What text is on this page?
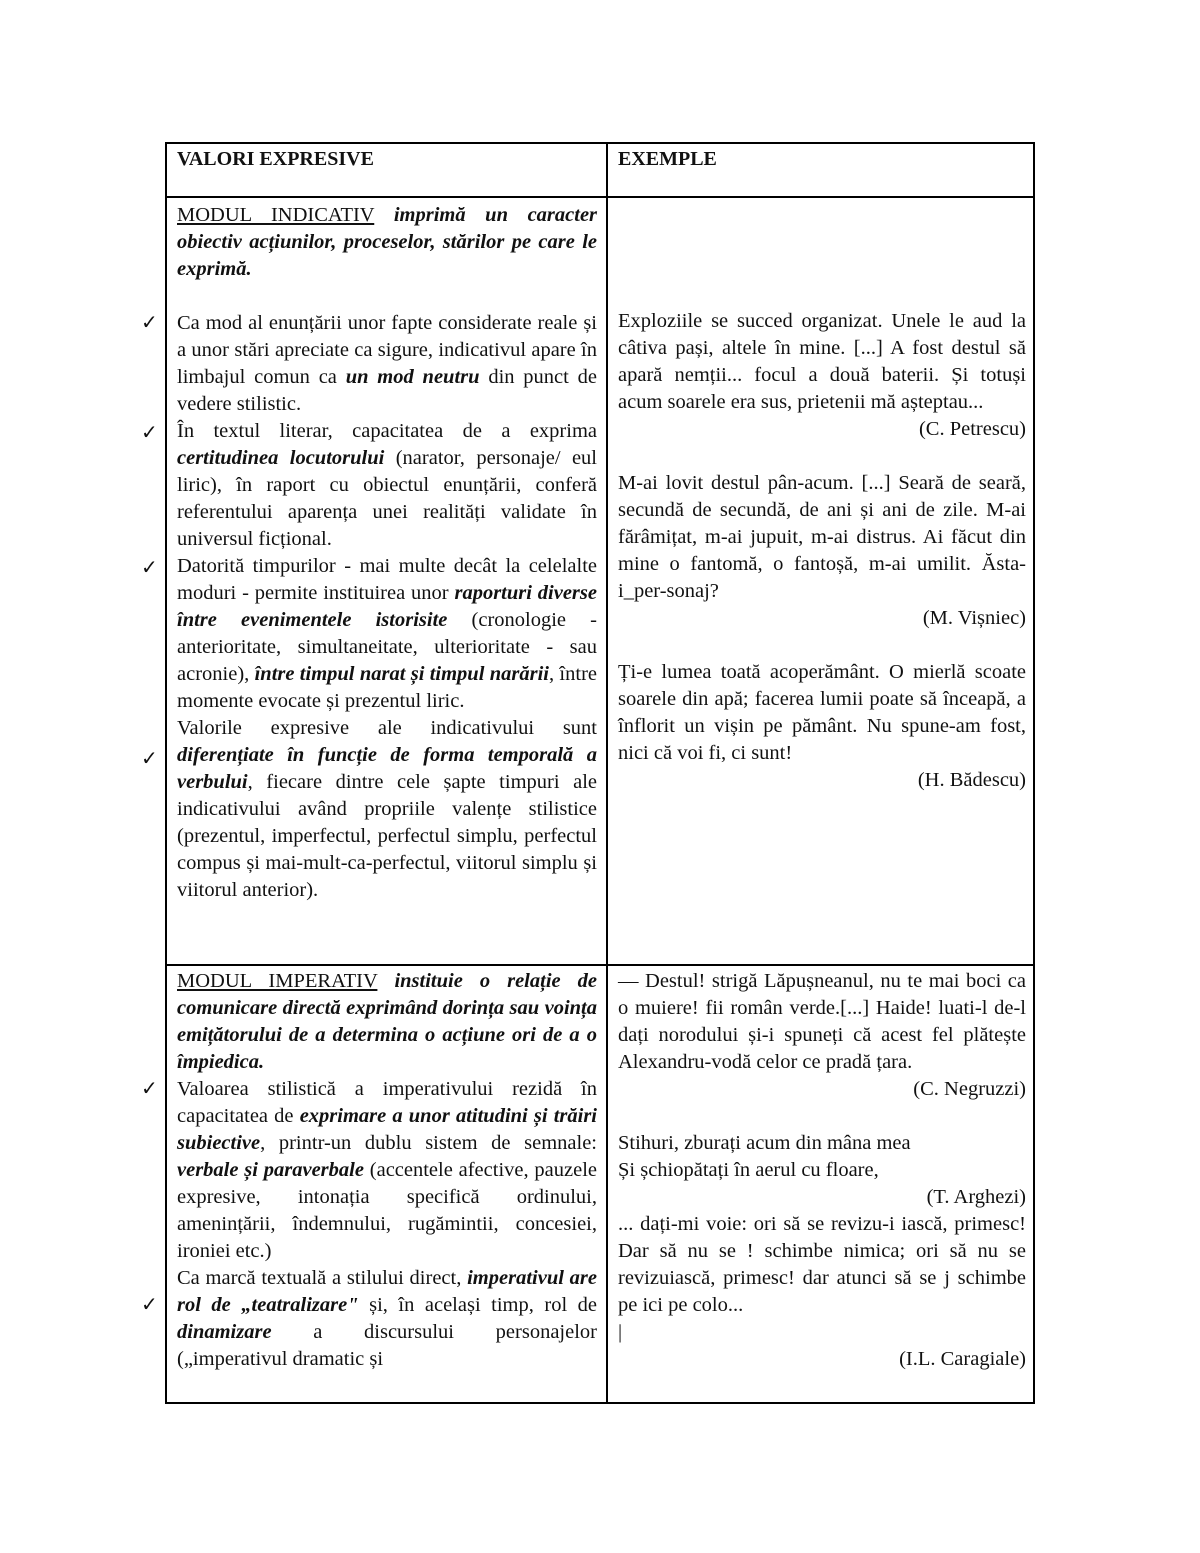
VALORI EXPRESIVE	EXEMPLE

MODUL INDICATIV imprimă un caracter obiectiv acțiunilor, proceselor, stărilor pe care le exprimă.

Ca mod al enunțării unor fapte considerate reale și a unor stări apreciate ca sigure, indicativul apare în limbajul comun ca un mod neutru din punct de vedere stilistic.

În textul literar, capacitatea de a exprima certitudinea locutorului (narator, personaje/ eul liric), în raport cu obiectul enunțării, conferă referentului aparența unei realități validate în universul ficțional.

Datorită timpurilor - mai multe decât la celelalte moduri - permite instituirea unor raporturi diverse între evenimentele istorisite (cronologie - anterioritate, simultaneitate, ulterioritate - sau acronie), între timpul narat și timpul narării, între momente evocate și prezentul liric.

Valorile expresive ale indicativului sunt diferențiate în funcție de forma temporală a verbului, fiecare dintre cele șapte timpuri ale indicativului având propriile valențe stilistice (prezentul, imperfectul, perfectul simplu, perfectul compus și mai-mult-ca-perfectul, viitorul simplu și viitorul anterior).

Exploziile se succed organizat. Unele le aud la câtiva pași, altele în mine. [...] A fost destul să apară nemții... focul a două baterii. Și totuși acum soarele era sus, prietenii mă așteptau...

(C. Petrescu)

M-ai lovit destul pân-acum. [...] Seară de seară, secundă de secundă, de ani și ani de zile. M-ai fărâmițat, m-ai jupuit, m-ai distrus. Ai făcut din mine o fantomă, o fantoșă, m-ai umilit. Ăsta-i_per-sonaj?

(M. Vișniec)

Ți-e lumea toată acoperământ. O mierlă scoate soarele din apă; facerea lumii poate să înceapă, a înflorit un vișin pe pământ. Nu spune-am fost, nici că voi fi, ci sunt!

(H. Bădescu)

MODUL IMPERATIV instituie o relație de comunicare directă exprimând dorința sau voința emițătorului de a determina o acțiune ori de a o împiedica.

Valoarea stilistică a imperativului rezidă în capacitatea de exprimare a unor atitudini și trăiri subiective, printr-un dublu sistem de semnale: verbale și paraverbale (accentele afective, pauzele expresive, intonația specifică ordinului, amenințării, îndemnului, rugămintii, concesiei, ironiei etc.)

Ca marcă textuală a stilului direct, imperativul are rol de „teatralizare" și, în același timp, rol de dinamizare a discursului personajelor („imperativul dramatic și

— Destul! strigă Lăpușneanul, nu te mai boci ca o muiere! fii român verde.[...] Haide! luati-l de-l dați norodului și-i spuneți că acest fel plătește Alexandru-vodă celor ce pradă țara.

(C. Negruzzi)

Stihuri, zburați acum din mâna mea

Și șchiopătați în aerul cu floare,

(T. Arghezi)

... dați-mi voie: ori să se revizu-i iască, primesc! Dar să nu se ! schimbe nimica; ori să nu se revizuiască, primesc! dar atunci să se j schimbe pe ici pe colo...

|

(I.L. Caragiale)

✓
✓
✓
✓
✓
✓
